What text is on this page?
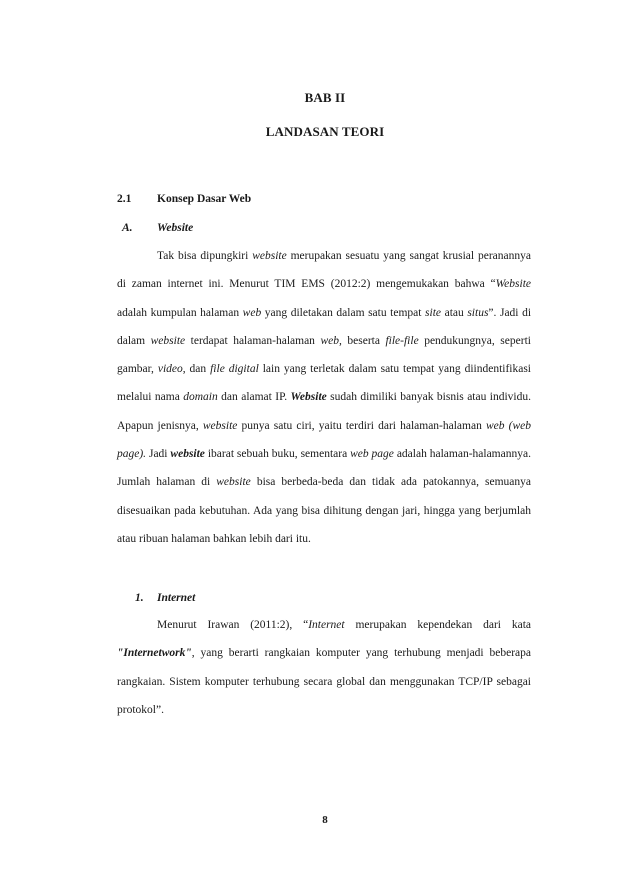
BAB II
LANDASAN TEORI
2.1 Konsep Dasar Web
A. Website

Tak bisa dipungkiri website merupakan sesuatu yang sangat krusial peranannya di zaman internet ini. Menurut TIM EMS (2012:2) mengemukakan bahwa “Website adalah kumpulan halaman web yang diletakan dalam satu tempat site atau situs”. Jadi di dalam website terdapat halaman-halaman web, beserta file-file pendukungnya, seperti gambar, video, dan file digital lain yang terletak dalam satu tempat yang diindentifikasi melalui nama domain dan alamat IP. Website sudah dimiliki banyak bisnis atau individu. Apapun jenisnya, website punya satu ciri, yaitu terdiri dari halaman-halaman web (web page). Jadi website ibarat sebuah buku, sementara web page adalah halaman-halamannya. Jumlah halaman di website bisa berbeda-beda dan tidak ada patokannya, semuanya disesuaikan pada kebutuhan. Ada yang bisa dihitung dengan jari, hingga yang berjumlah atau ribuan halaman bahkan lebih dari itu.

1. Internet

Menurut Irawan (2011:2), “Internet merupakan kependekan dari kata "Internetwork", yang berarti rangkaian komputer yang terhubung menjadi beberapa rangkaian. Sistem komputer terhubung secara global dan menggunakan TCP/IP sebagai protokol”.

8
